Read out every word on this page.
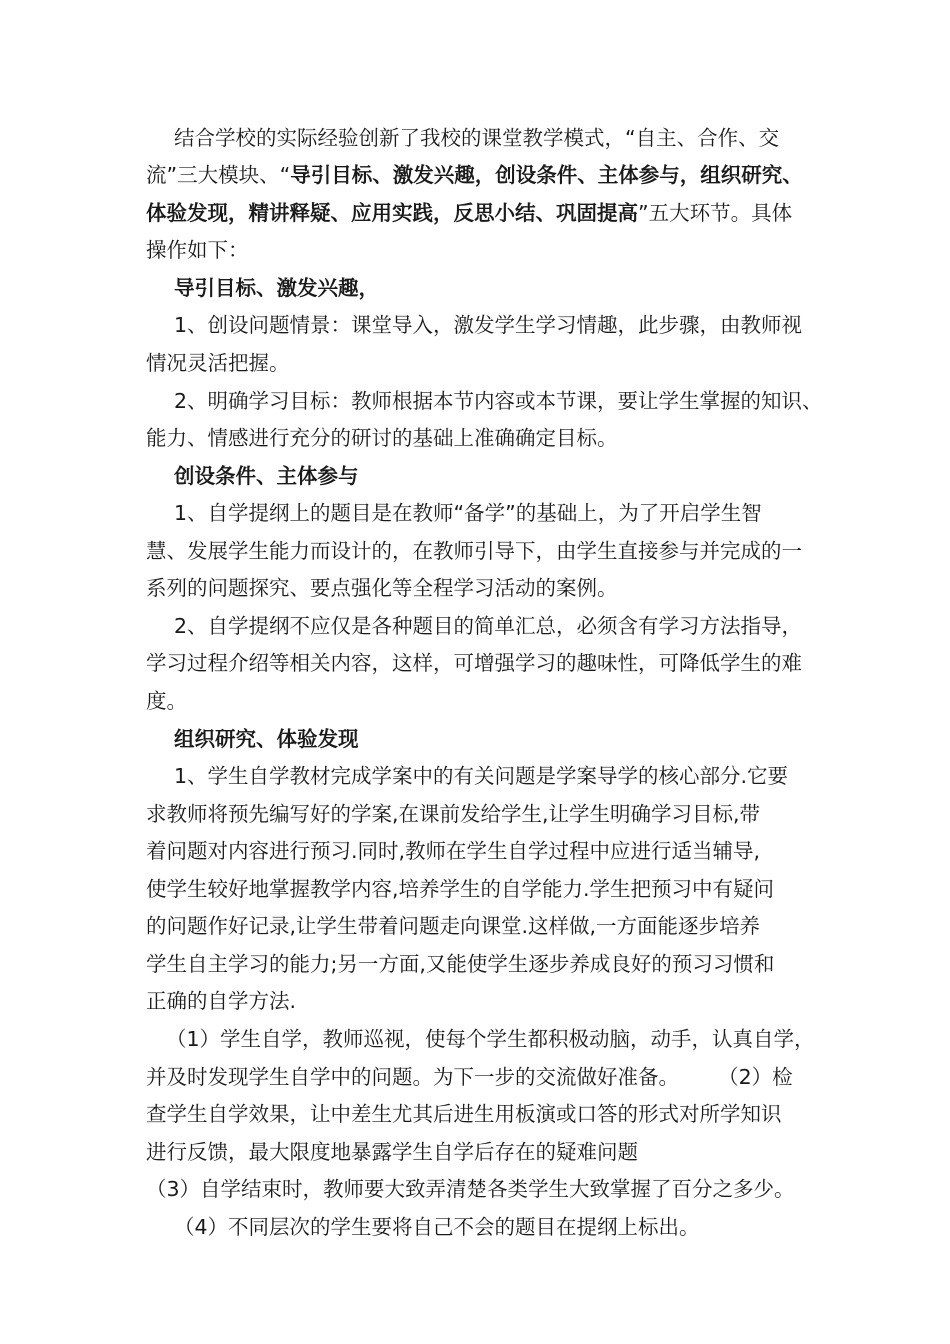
结合学校的实际经验创新了我校的课堂教学模式，“自主、合作、交
流”三大模块、“导引目标、激发兴趣，创设条件、主体参与，组织研究、
体验发现，精讲释疑、应用实践，反思小结、巩固提高”五大环节。具体
操作如下：
导引目标、激发兴趣，
1、创设问题情景：课堂导入，激发学生学习情趣，此步骤，由教师视
情况灵活把握。
2、明确学习目标：教师根据本节内容或本节课，要让学生掌握的知识、
能力、情感进行充分的研讨的基础上准确确定目标。
创设条件、主体参与
1、自学提纲上的题目是在教师“备学”的基础上，为了开启学生智
慧、发展学生能力而设计的，在教师引导下，由学生直接参与并完成的一
系列的问题探究、要点强化等全程学习活动的案例。
2、自学提纲不应仅是各种题目的简单汇总，必须含有学习方法指导，
学习过程介绍等相关内容，这样，可增强学习的趣味性，可降低学生的难
度。
组织研究、体验发现
1、学生自学教材完成学案中的有关问题是学案导学的核心部分.它要
求教师将预先编写好的学案,在课前发给学生,让学生明确学习目标,带
着问题对内容进行预习.同时,教师在学生自学过程中应进行适当辅导,
使学生较好地掌握教学内容,培养学生的自学能力.学生把预习中有疑问
的问题作好记录,让学生带着问题走向课堂.这样做,一方面能逐步培养
学生自主学习的能力;另一方面,又能使学生逐步养成良好的预习习惯和
正确的自学方法.
（1）学生自学，教师巡视，使每个学生都积极动脑，动手，认真自学，
并及时发现学生自学中的问题。为下一步的交流做好准备。      （2）检
查学生自学效果，让中差生尤其后进生用板演或口答的形式对所学知识
进行反馈，最大限度地暴露学生自学后存在的疑难问题
（3）自学结束时，教师要大致弄清楚各类学生大致掌握了百分之多少。
（4）不同层次的学生要将自己不会的题目在提纲上标出。
